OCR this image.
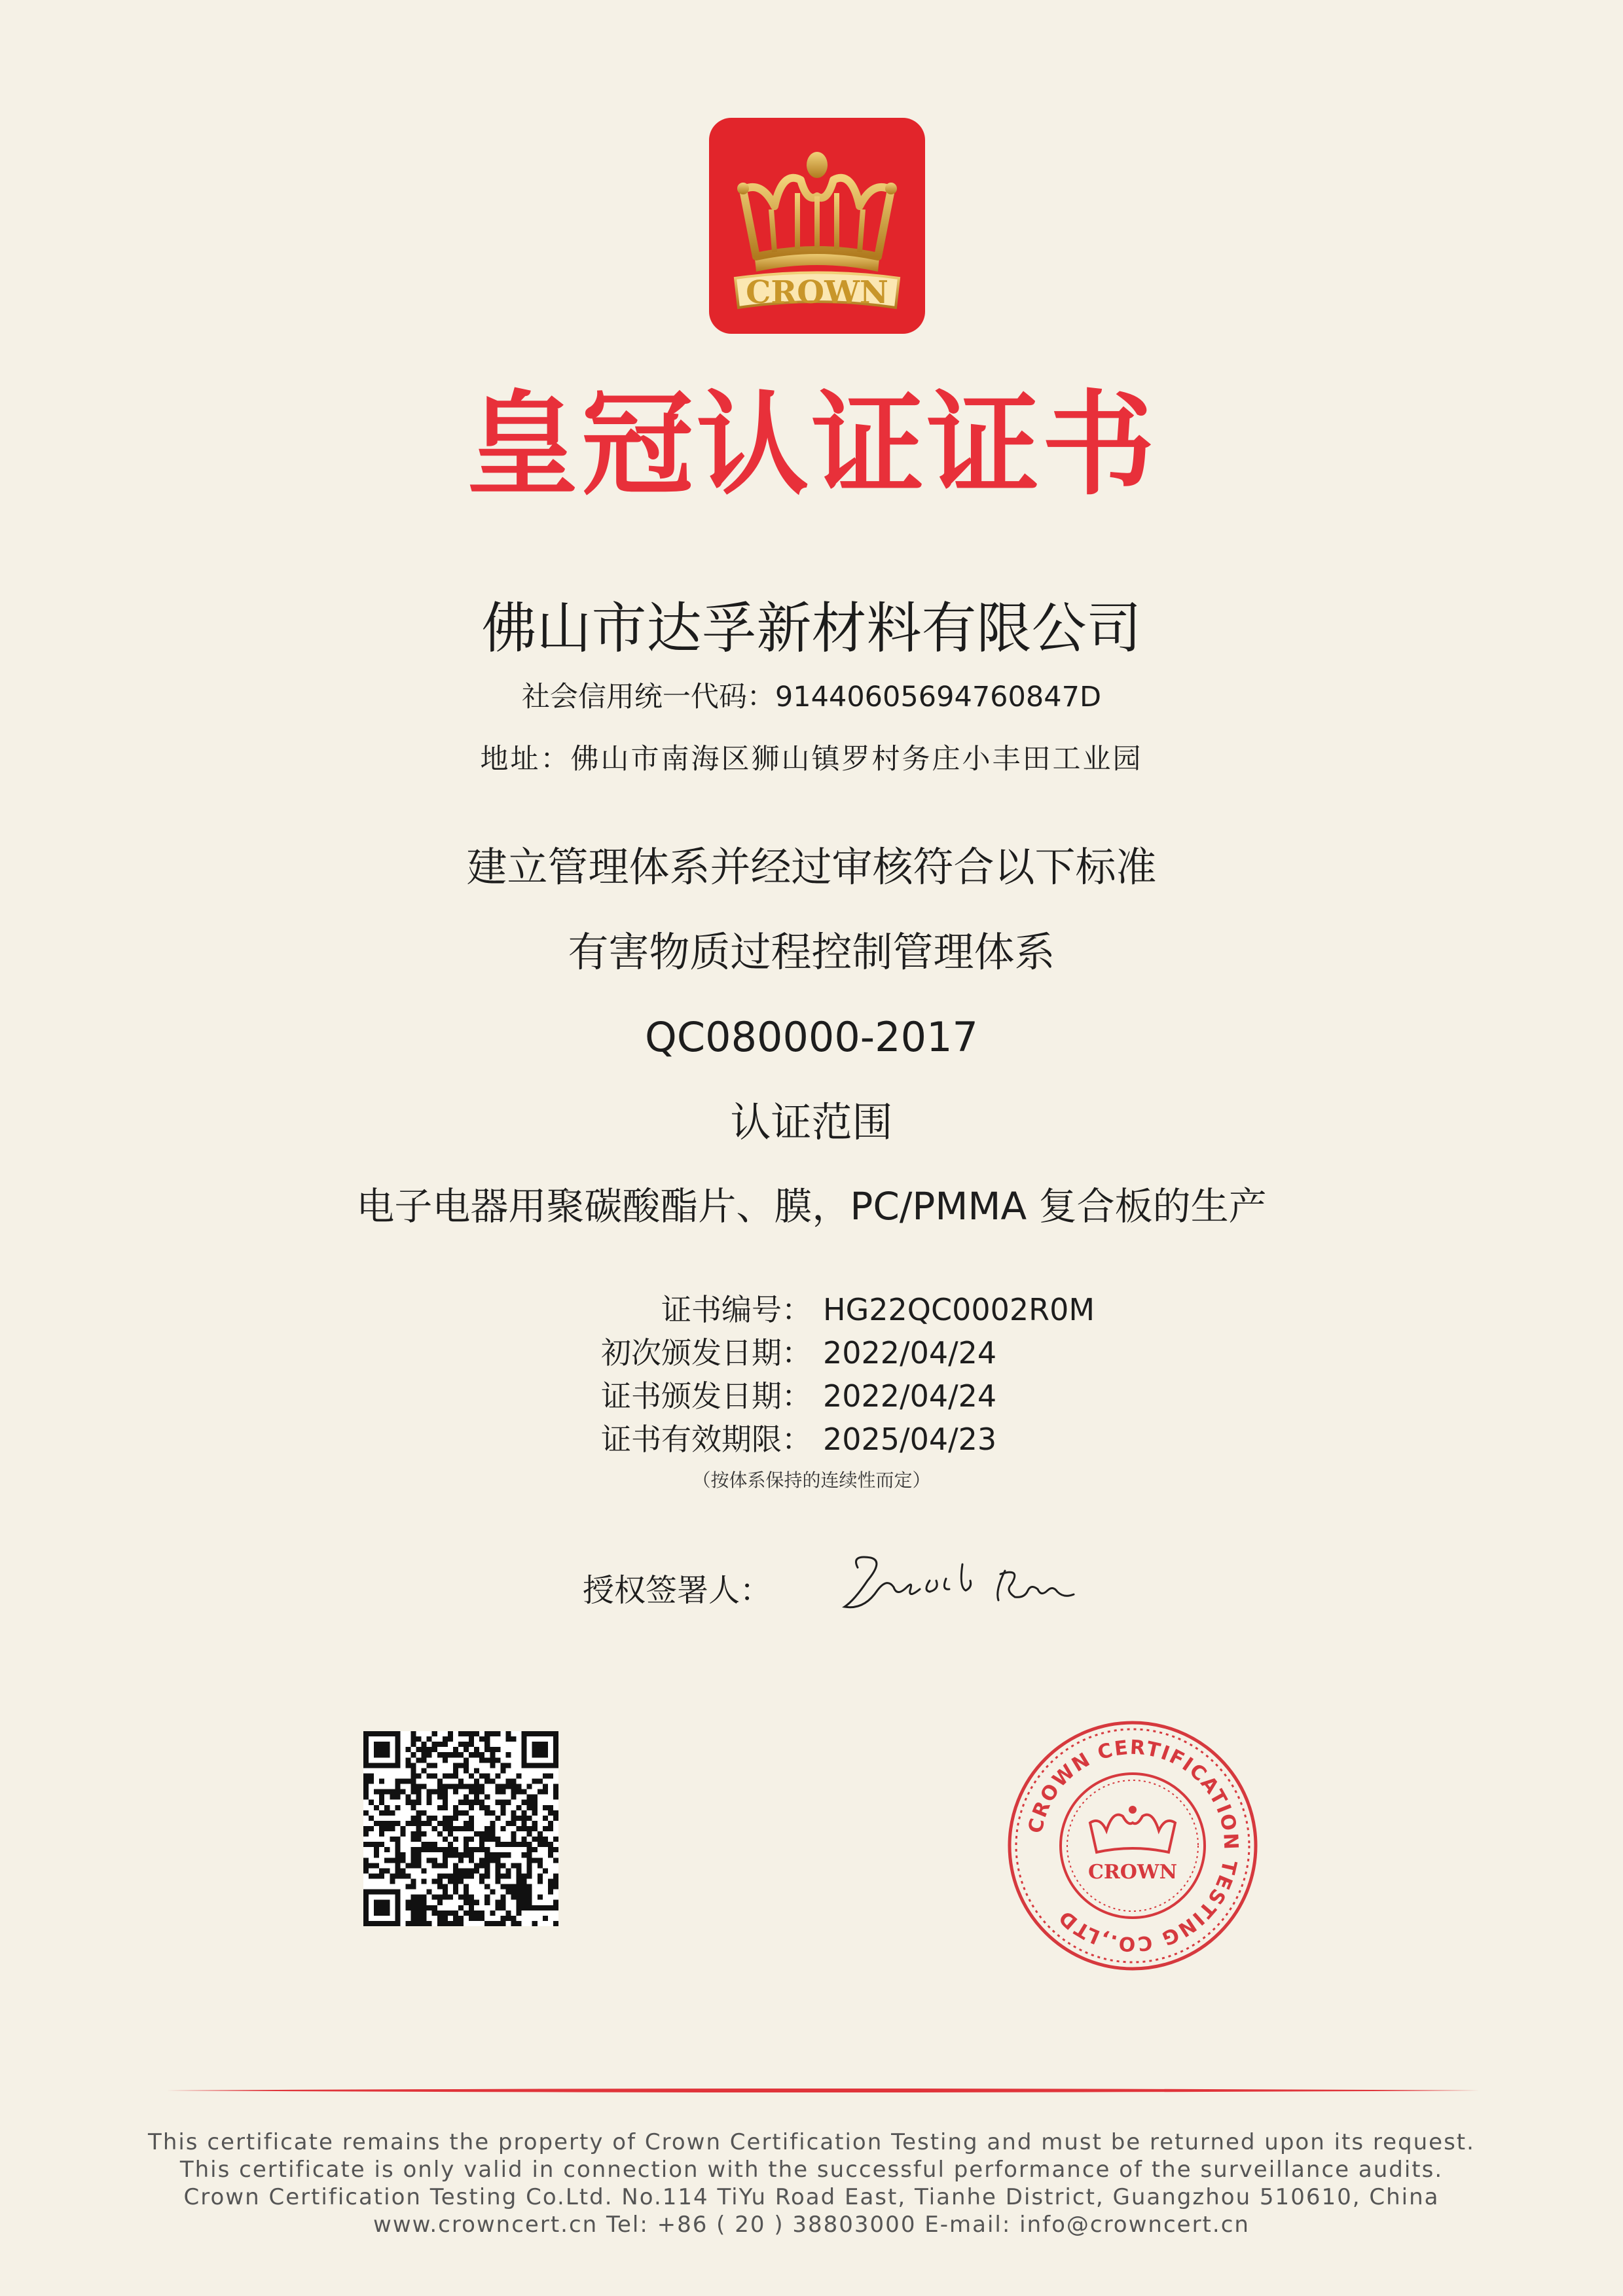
CROWN
皇冠认证证书
佛山市达孚新材料有限公司
社会信用统一代码：91440605694760847D
地址：佛山市南海区狮山镇罗村务庄小丰田工业园
建立管理体系并经过审核符合以下标准
有害物质过程控制管理体系
QC080000-2017
认证范围
电子电器用聚碳酸酯片、膜，PC/PMMA 复合板的生产
证书编号： HG22QC0002R0M
初次颁发日期： 2022/04/24
证书颁发日期： 2022/04/24
证书有效期限： 2025/04/23
（按体系保持的连续性而定）
授权签署人：
CROWN CERTIFICATION TESTING CO.,LTD
CROWN
This certificate remains the property of Crown Certification Testing and must be returned upon its request.
This certificate is only valid in connection with the successful performance of the surveillance audits.
Crown Certification Testing Co.Ltd. No.114 TiYu Road East, Tianhe District, Guangzhou 510610, China
www.crowncert.cn Tel: +86 ( 20 ) 38803000 E-mail: info@crowncert.cn
